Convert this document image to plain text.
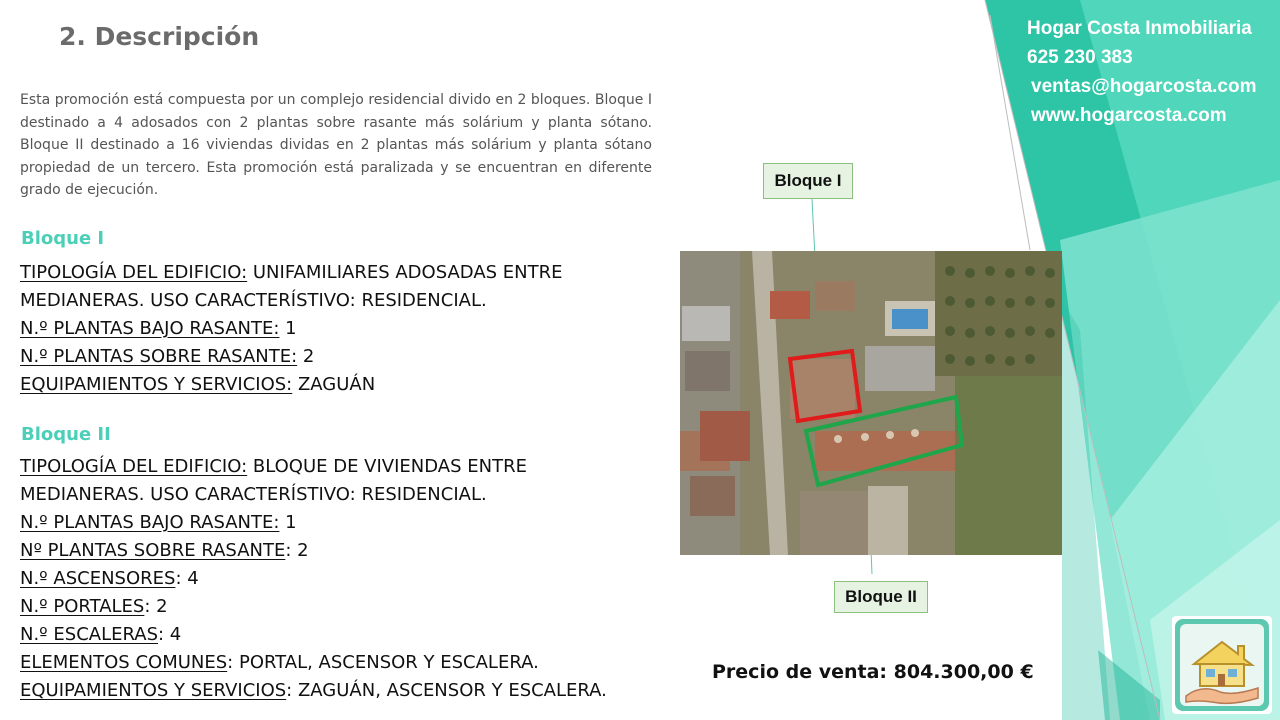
2. Descripción

Esta promoción está compuesta por un complejo residencial divido en 2 bloques. Bloque I destinado a 4 adosados con 2 plantas sobre rasante más solárium y planta sótano. Bloque II destinado a 16 viviendas dividas en 2 plantas más solárium y planta sótano propiedad de un tercero. Esta promoción está paralizada y se encuentran en diferente grado de ejecución.

Bloque I
TIPOLOGÍA DEL EDIFICIO: UNIFAMILIARES ADOSADAS ENTRE
MEDIANERAS. USO CARACTERÍSTIVO: RESIDENCIAL.
N.º PLANTAS BAJO RASANTE: 1
N.º PLANTAS SOBRE RASANTE: 2
EQUIPAMIENTOS Y SERVICIOS: ZAGUÁN
Bloque II
TIPOLOGÍA DEL EDIFICIO: BLOQUE DE VIVIENDAS ENTRE
MEDIANERAS. USO CARACTERÍSTIVO: RESIDENCIAL.
N.º PLANTAS BAJO RASANTE: 1
Nº PLANTAS SOBRE RASANTE: 2
N.º ASCENSORES: 4
N.º PORTALES: 2
N.º ESCALERAS: 4
ELEMENTOS COMUNES: PORTAL, ASCENSOR Y ESCALERA.
EQUIPAMIENTOS Y SERVICIOS: ZAGUÁN, ASCENSOR Y ESCALERA.
Hogar Costa Inmobiliaria
625 230 383
ventas@hogarcosta.com
www.hogarcosta.com
Bloque I
Bloque II
Precio de venta: 804.300,00 €
